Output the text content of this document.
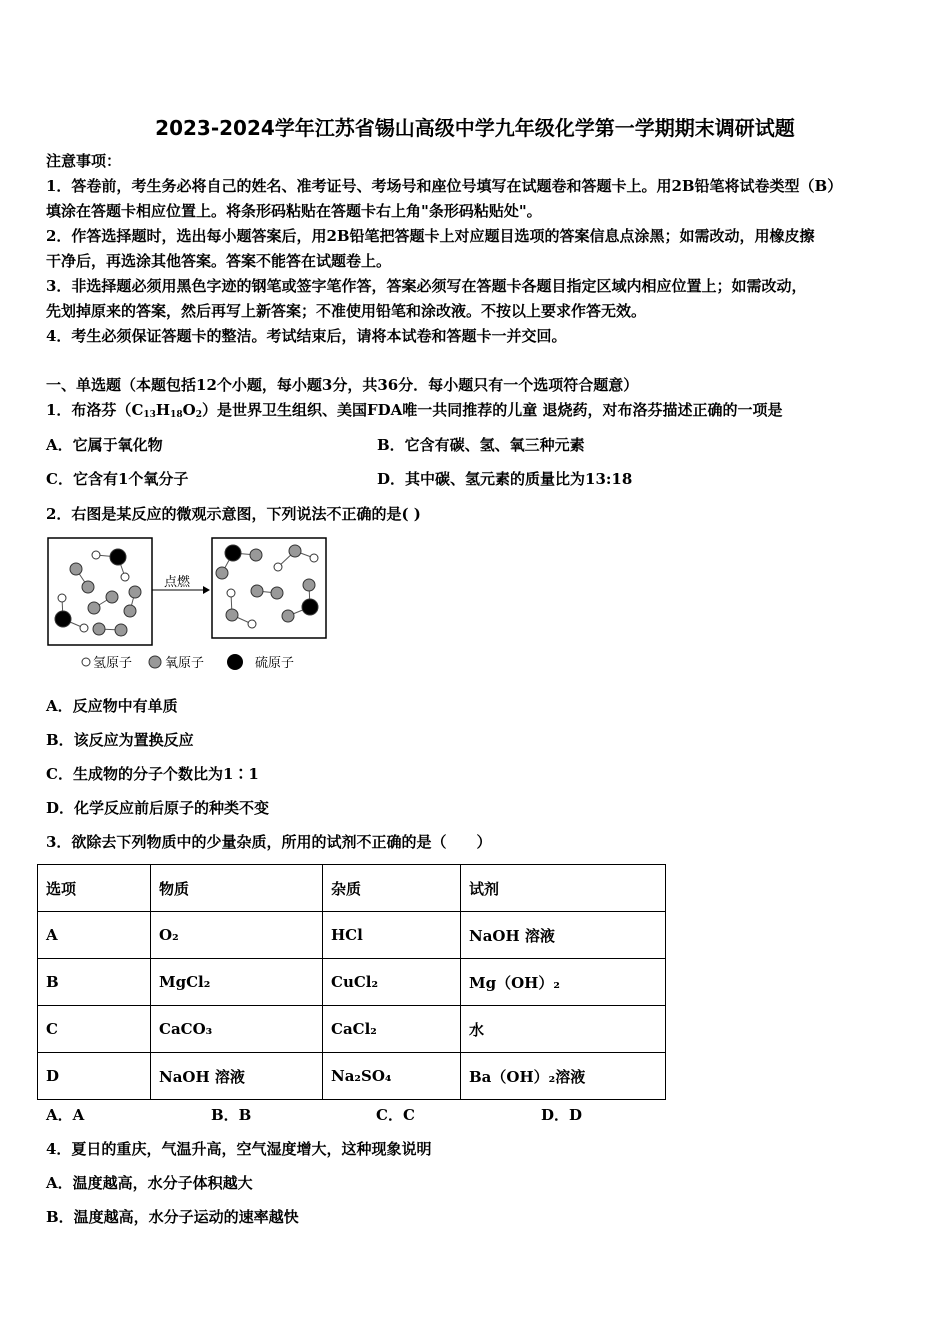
2023-2024学年江苏省锡山高级中学九年级化学第一学期期末调研试题
注意事项：
1．答卷前，考生务必将自己的姓名、准考证号、考场号和座位号填写在试题卷和答题卡上。用2B铅笔将试卷类型（B）
填涂在答题卡相应位置上。将条形码粘贴在答题卡右上角"条形码粘贴处"。
2．作答选择题时，选出每小题答案后，用2B铅笔把答题卡上对应题目选项的答案信息点涂黑；如需改动，用橡皮擦
干净后，再选涂其他答案。答案不能答在试题卷上。
3．非选择题必须用黑色字迹的钢笔或签字笔作答，答案必须写在答题卡各题目指定区域内相应位置上；如需改动，
先划掉原来的答案，然后再写上新答案；不准使用铅笔和涂改液。不按以上要求作答无效。
4．考生必须保证答题卡的整洁。考试结束后，请将本试卷和答题卡一并交回。
一、单选题（本题包括12个小题，每小题3分，共36分．每小题只有一个选项符合题意）
1．布洛芬$(C_{13}H_{18}O_2)$是世界卫生组织、美国FDA唯一共同推荐的儿童 退烧药，对布洛芬描述正确的一项是
A．它属于氧化物	B．它含有碳、氢、氧三种元素
C．它含有1个氧分子	D．其中碳、氢元素的质量比为13:18
2．右图是某反应的微观示意图，下列说法不正确的是( )
点燃
氢原子	氧原子	硫原子
A．反应物中有单质
B．该反应为置换反应
C．生成物的分子个数比为1∶1
D．化学反应前后原子的种类不变
3．欲除去下列物质中的少量杂质，所用的试剂不正确的是（　　）
选项	物质	杂质	试剂
A	O₂	HCl	NaOH 溶液
B	MgCl₂	CuCl₂	Mg（OH）₂
C	CaCO₃	CaCl₂	水
D	NaOH 溶液	Na₂SO₄	Ba（OH）₂溶液
A．A	B．B	C．C	D．D
4．夏日的重庆，气温升高，空气湿度增大，这种现象说明
A．温度越高，水分子体积越大
B．温度越高，水分子运动的速率越快
